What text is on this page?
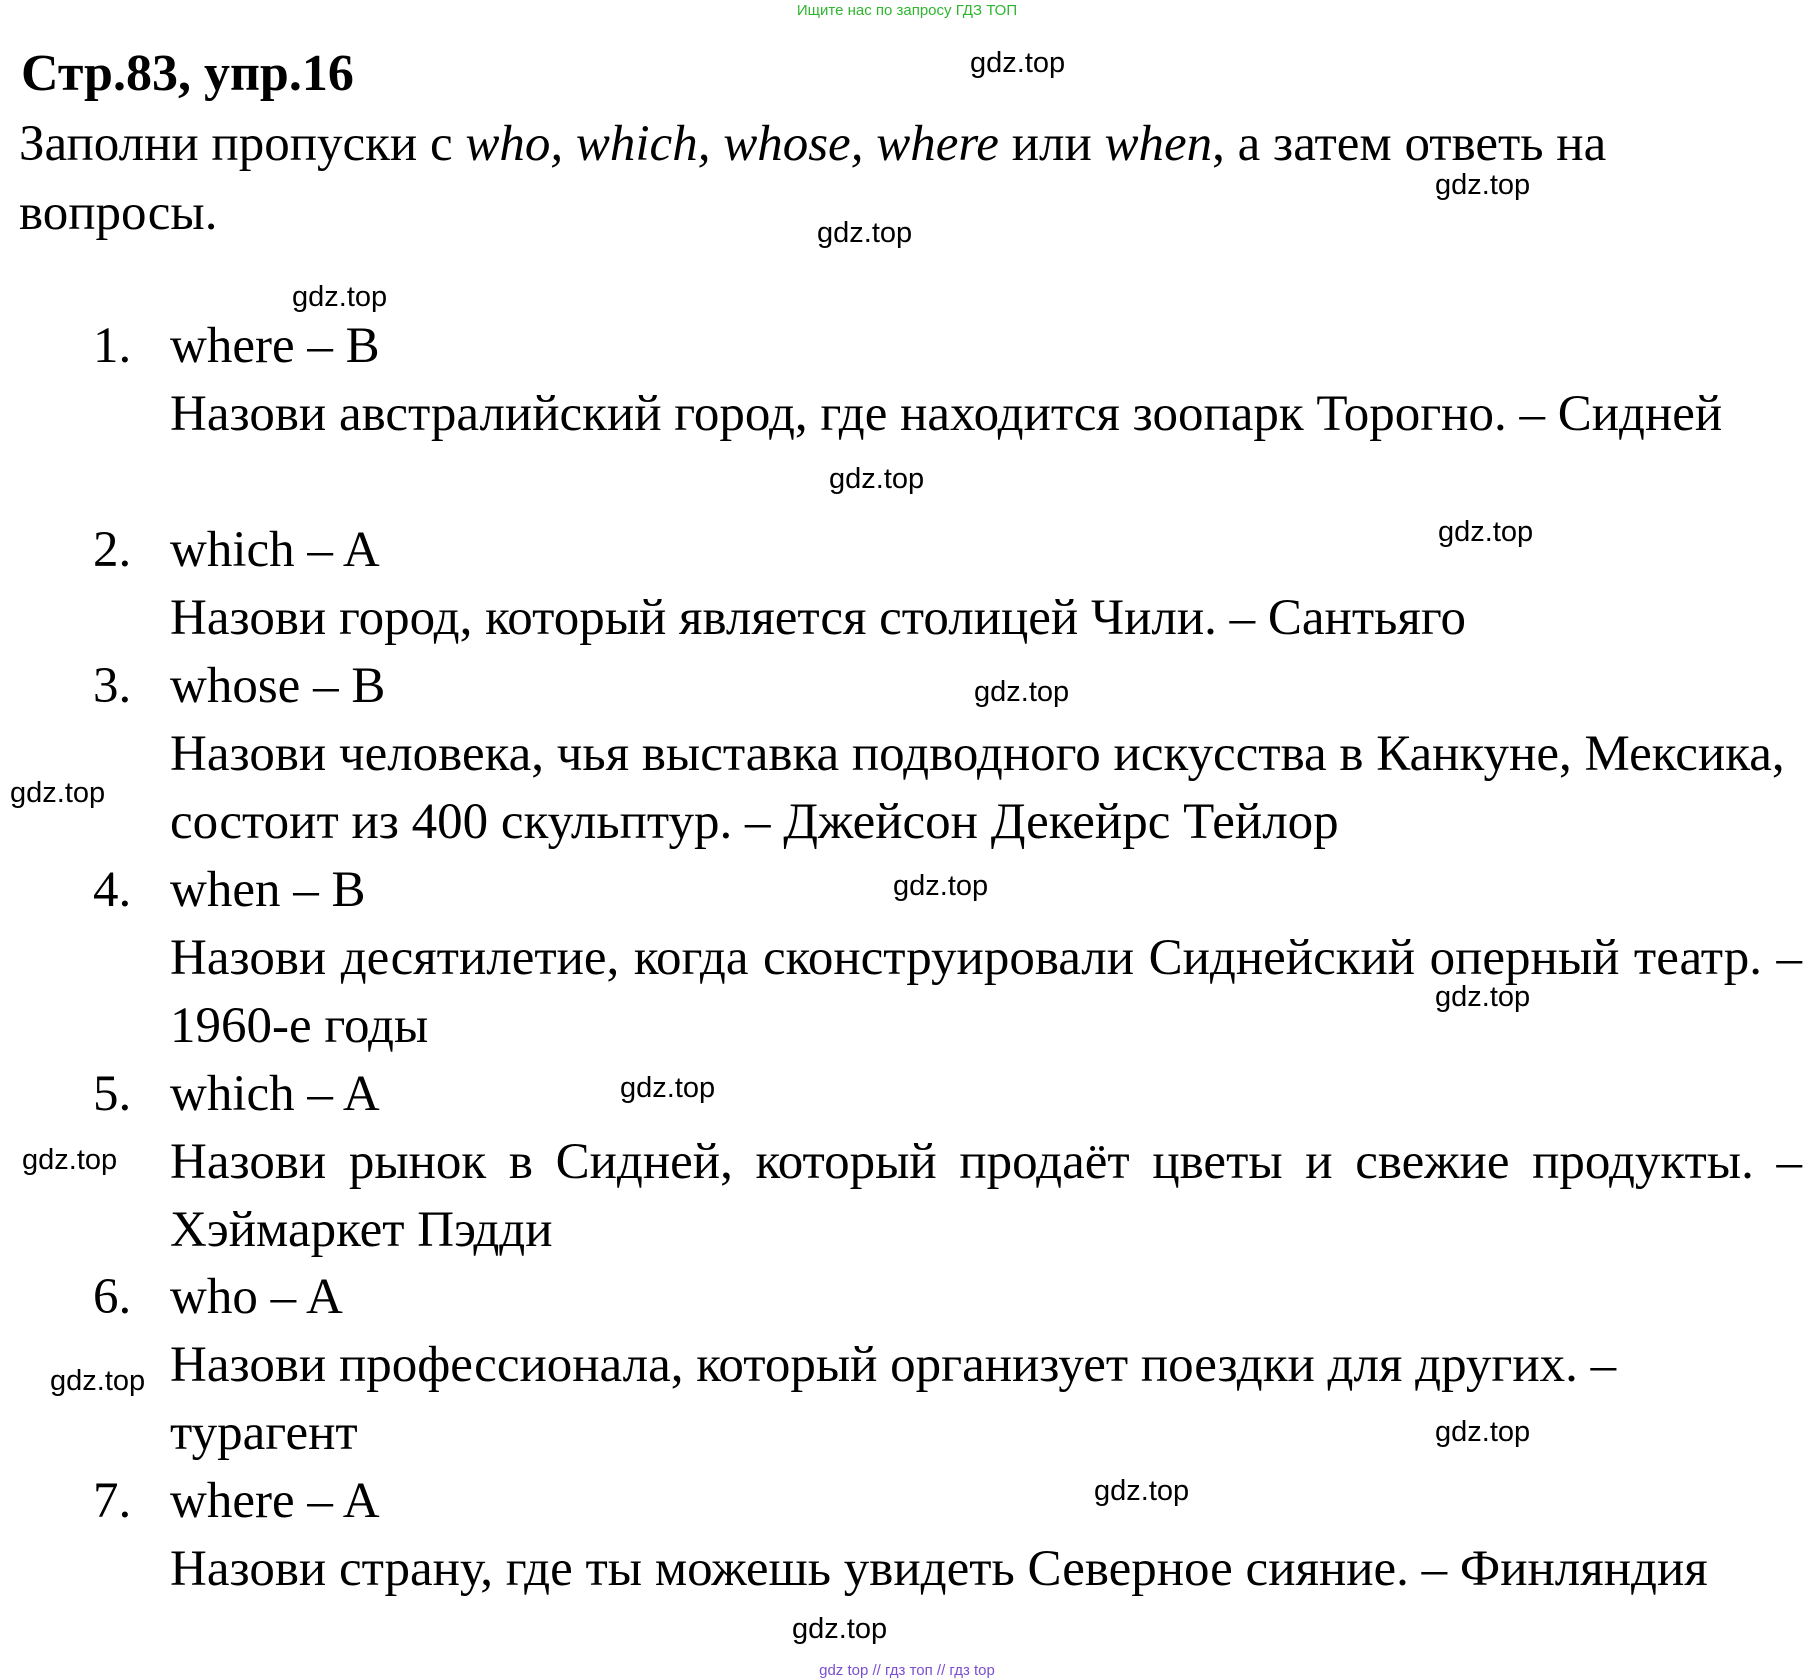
Ищите нас по запросу ГДЗ ТОП
Стр.83, упр.16

Заполни пропуски с who, which, whose, where или when, а затем ответь на вопросы.

1. where – B
Назови австралийский город, где находится зоопарк Торогно. – Сидней
2. which – A
Назови город, который является столицей Чили. – Сантьяго
3. whose – B
Назови человека, чья выставка подводного искусства в Канкуне, Мексика, состоит из 400 скульптур. – Джейсон Декейрс Тейлор
4. when – B
Назови десятилетие, когда сконструировали Сиднейский оперный театр. – 1960-е годы
5. which – A
Назови рынок в Сидней, который продаёт цветы и свежие продукты. – Хэймаркет Пэдди
6. who – A
Назови профессионала, который организует поездки для других. – турагент
7. where – A
Назови страну, где ты можешь увидеть Северное сияние. – Финляндия
gdz.top
gdz.top
gdz.top
gdz.top
gdz.top
gdz.top
gdz.top
gdz.top
gdz.top
gdz.top
gdz.top
gdz.top
gdz.top
gdz.top
gdz.top
gdz.top
gdz top // гдз топ // гдз top
